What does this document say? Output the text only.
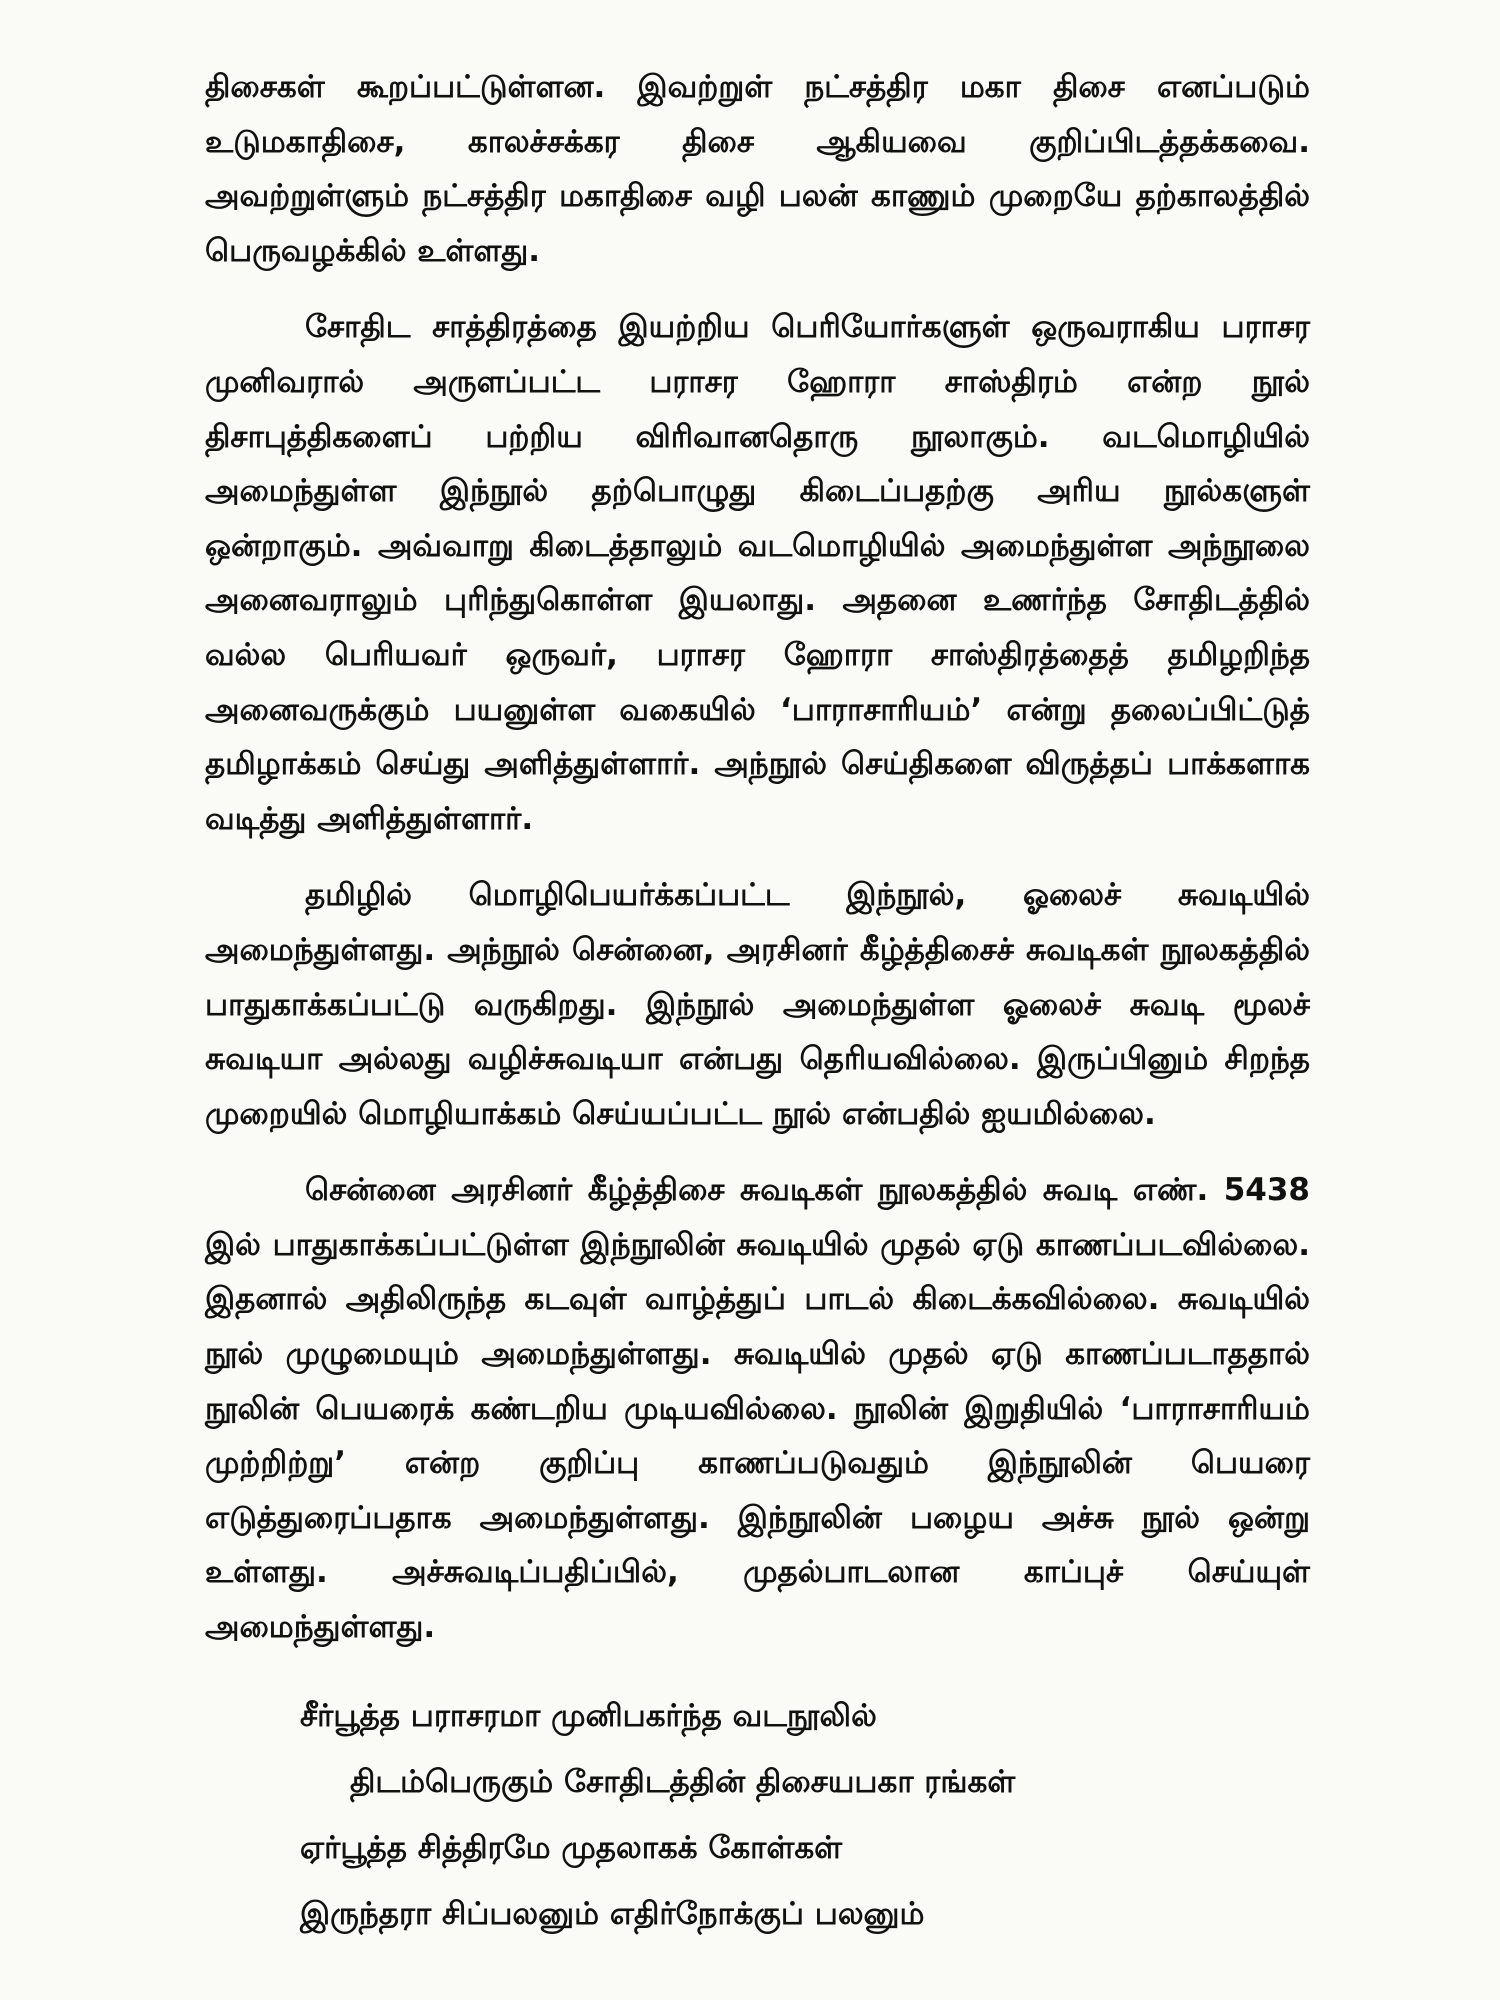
திசைகள் கூறப்பட்டுள்ளன. இவற்றுள் நட்சத்திர மகா திசை எனப்படும் உடுமகாதிசை, காலச்சக்கர திசை ஆகியவை குறிப்பிடத்தக்கவை. அவற்றுள்ளும் நட்சத்திர மகாதிசை வழி பலன் காணும் முறையே தற்காலத்தில் பெருவழக்கில் உள்ளது.

சோதிட சாத்திரத்தை இயற்றிய பெரியோர்களுள் ஒருவராகிய பராசர முனிவரால் அருளப்பட்ட பராசர ஹோரா சாஸ்திரம் என்ற நூல் திசாபுத்திகளைப் பற்றிய விரிவானதொரு நூலாகும். வடமொழியில் அமைந்துள்ள இந்நூல் தற்பொழுது கிடைப்பதற்கு அரிய நூல்களுள் ஒன்றாகும். அவ்வாறு கிடைத்தாலும் வடமொழியில் அமைந்துள்ள அந்நூலை அனைவராலும் புரிந்துகொள்ள இயலாது. அதனை உணர்ந்த சோதிடத்தில் வல்ல பெரியவர் ஒருவர், பராசர ஹோரா சாஸ்திரத்தைத் தமிழறிந்த அனைவருக்கும் பயனுள்ள வகையில் ‘பாராசாரியம்’ என்று தலைப்பிட்டுத் தமிழாக்கம் செய்து அளித்துள்ளார். அந்நூல் செய்திகளை விருத்தப் பாக்களாக வடித்து அளித்துள்ளார்.

தமிழில் மொழிபெயர்க்கப்பட்ட இந்நூல், ஓலைச் சுவடியில் அமைந்துள்ளது. அந்நூல் சென்னை, அரசினர் கீழ்த்திசைச் சுவடிகள் நூலகத்தில் பாதுகாக்கப்பட்டு வருகிறது. இந்நூல் அமைந்துள்ள ஓலைச் சுவடி மூலச் சுவடியா அல்லது வழிச்சுவடியா என்பது தெரியவில்லை. இருப்பினும் சிறந்த முறையில் மொழியாக்கம் செய்யப்பட்ட நூல் என்பதில் ஐயமில்லை.

சென்னை அரசினர் கீழ்த்திசை சுவடிகள் நூலகத்தில் சுவடி எண். 5438 இல் பாதுகாக்கப்பட்டுள்ள இந்நூலின் சுவடியில் முதல் ஏடு காணப்படவில்லை. இதனால் அதிலிருந்த கடவுள் வாழ்த்துப் பாடல் கிடைக்கவில்லை. சுவடியில் நூல் முழுமையும் அமைந்துள்ளது. சுவடியில் முதல் ஏடு காணப்படாததால் நூலின் பெயரைக் கண்டறிய முடியவில்லை. நூலின் இறுதியில் ‘பாராசாரியம் முற்றிற்று’ என்ற குறிப்பு காணப்படுவதும் இந்நூலின் பெயரை எடுத்துரைப்பதாக அமைந்துள்ளது. இந்நூலின் பழைய அச்சு நூல் ஒன்று உள்ளது. அச்சுவடிப்பதிப்பில், முதல்பாடலான காப்புச் செய்யுள் அமைந்துள்ளது.

சீர்பூத்த பராசரமா முனிபகர்ந்த வடநூலில்
திடம்பெருகும் சோதிடத்தின் திசையபகா ரங்கள்
ஏர்பூத்த சித்திரமே முதலாகக் கோள்கள்
இருந்தரா சிப்பலனும் எதிர்நோக்குப் பலனும்
